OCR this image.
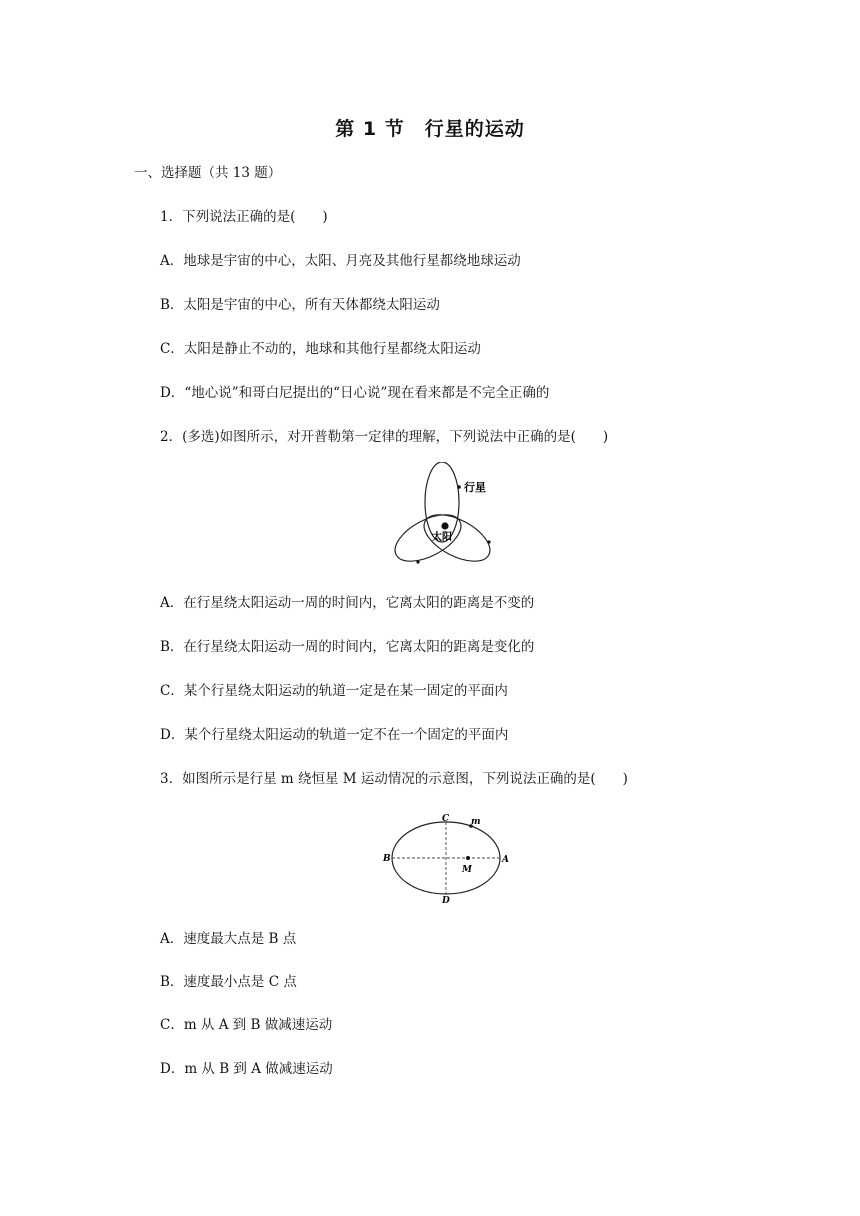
第 1 节　行星的运动
一、选择题（共 13 题）
1．下列说法正确的是(　　)
A．地球是宇宙的中心，太阳、月亮及其他行星都绕地球运动
B．太阳是宇宙的中心，所有天体都绕太阳运动
C．太阳是静止不动的，地球和其他行星都绕太阳运动
D．“地心说”和哥白尼提出的“日心说”现在看来都是不完全正确的
2．(多选)如图所示，对开普勒第一定律的理解，下列说法中正确的是(　　)
行星
太阳
A．在行星绕太阳运动一周的时间内，它离太阳的距离是不变的
B．在行星绕太阳运动一周的时间内，它离太阳的距离是变化的
C．某个行星绕太阳运动的轨道一定是在某一固定的平面内
D．某个行星绕太阳运动的轨道一定不在一个固定的平面内
3．如图所示是行星 m 绕恒星 M 运动情况的示意图，下列说法正确的是(　　)
C
D
B	A
m
M
A．速度最大点是 B 点
B．速度最小点是 C 点
C．m 从 A 到 B 做减速运动
D．m 从 B 到 A 做减速运动
